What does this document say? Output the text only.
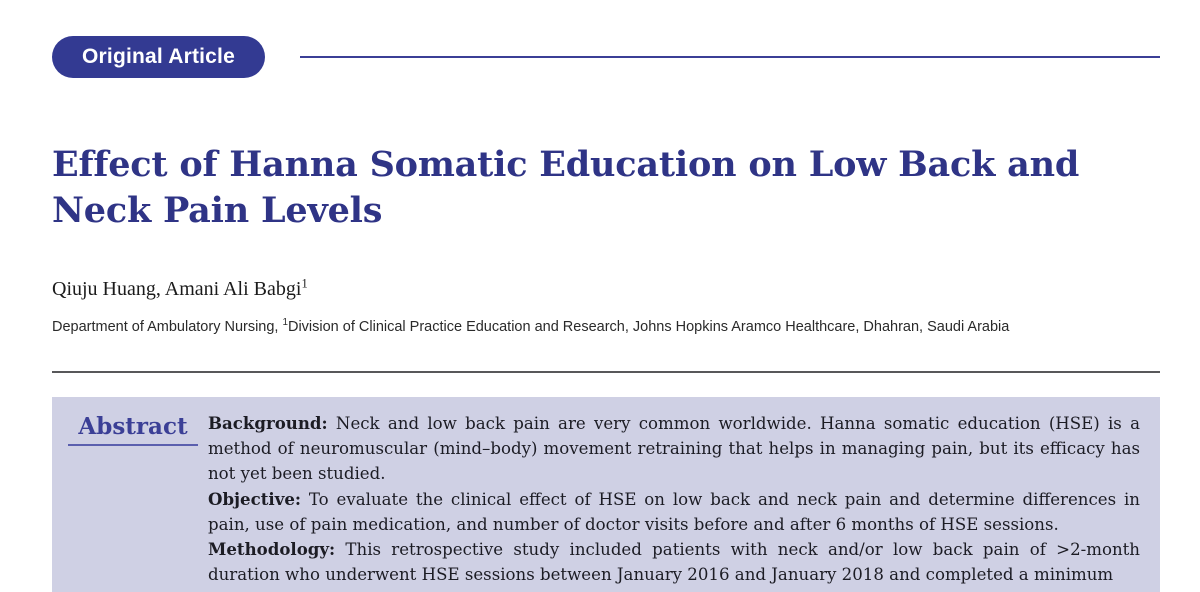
Original Article
Effect of Hanna Somatic Education on Low Back and Neck Pain Levels
Qiuju Huang, Amani Ali Babgi$^1$
Department of Ambulatory Nursing, $^1$Division of Clinical Practice Education and Research, Johns Hopkins Aramco Healthcare, Dhahran, Saudi Arabia
Abstract	Background: Neck and low back pain are very common worldwide. Hanna somatic education (HSE) is a method of neuromuscular (mind–body) movement retraining that helps in managing pain, but its efficacy has not yet been studied.

Objective: To evaluate the clinical effect of HSE on low back and neck pain and determine differences in pain, use of pain medication, and number of doctor visits before and after 6 months of HSE sessions.

Methodology: This retrospective study included patients with neck and/or low back pain of >2-month duration who underwent HSE sessions between January 2016 and January 2018 and completed a minimum
